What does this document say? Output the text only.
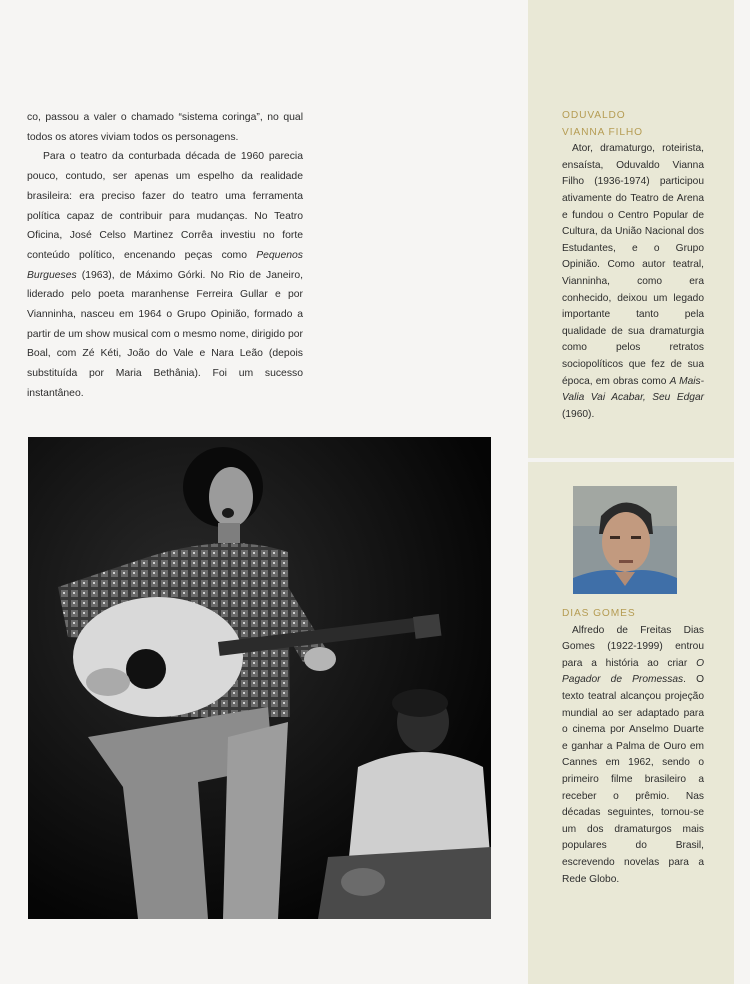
co, passou a valer o chamado “sistema coringa”, no qual todos os atores viviam todos os personagens.

Para o teatro da conturbada década de 1960 parecia pouco, contudo, ser apenas um espelho da realidade brasileira: era preciso fazer do teatro uma ferramenta política capaz de contribuir para mudanças. No Teatro Oficina, José Celso Martinez Corrêa investiu no forte conteúdo político, encenando peças como Pequenos Burgueses (1963), de Máximo Górki. No Rio de Janeiro, liderado pelo poeta maranhense Ferreira Gullar e por Vianninha, nasceu em 1964 o Grupo Opinião, formado a partir de um show musical com o mesmo nome, dirigido por Boal, com Zé Kéti, João do Vale e Nara Leão (depois substituída por Maria Bethânia). Foi um sucesso instantâneo.

ODUVALDO
VIANNA FILHO
Ator, dramaturgo, roteirista, ensaísta, Oduvaldo Vianna Filho (1936-1974) participou ativamente do Teatro de Arena e fundou o Centro Popular de Cultura, da União Nacional dos Estudantes, e o Grupo Opinião. Como autor teatral, Vianninha, como era conhecido, deixou um legado importante tanto pela qualidade de sua dramaturgia como pelos retratos sociopolíticos que fez de sua época, em obras como A Mais-Valia Vai Acabar, Seu Edgar (1960).
DIAS GOMES
Alfredo de Freitas Dias Gomes (1922-1999) entrou para a história ao criar O Pagador de Promessas. O texto teatral alcançou projeção mundial ao ser adaptado para o cinema por Anselmo Duarte e ganhar a Palma de Ouro em Cannes em 1962, sendo o primeiro filme brasileiro a receber o prêmio. Nas décadas seguintes, tornou-se um dos dramaturgos mais populares do Brasil, escrevendo novelas para a Rede Globo.
